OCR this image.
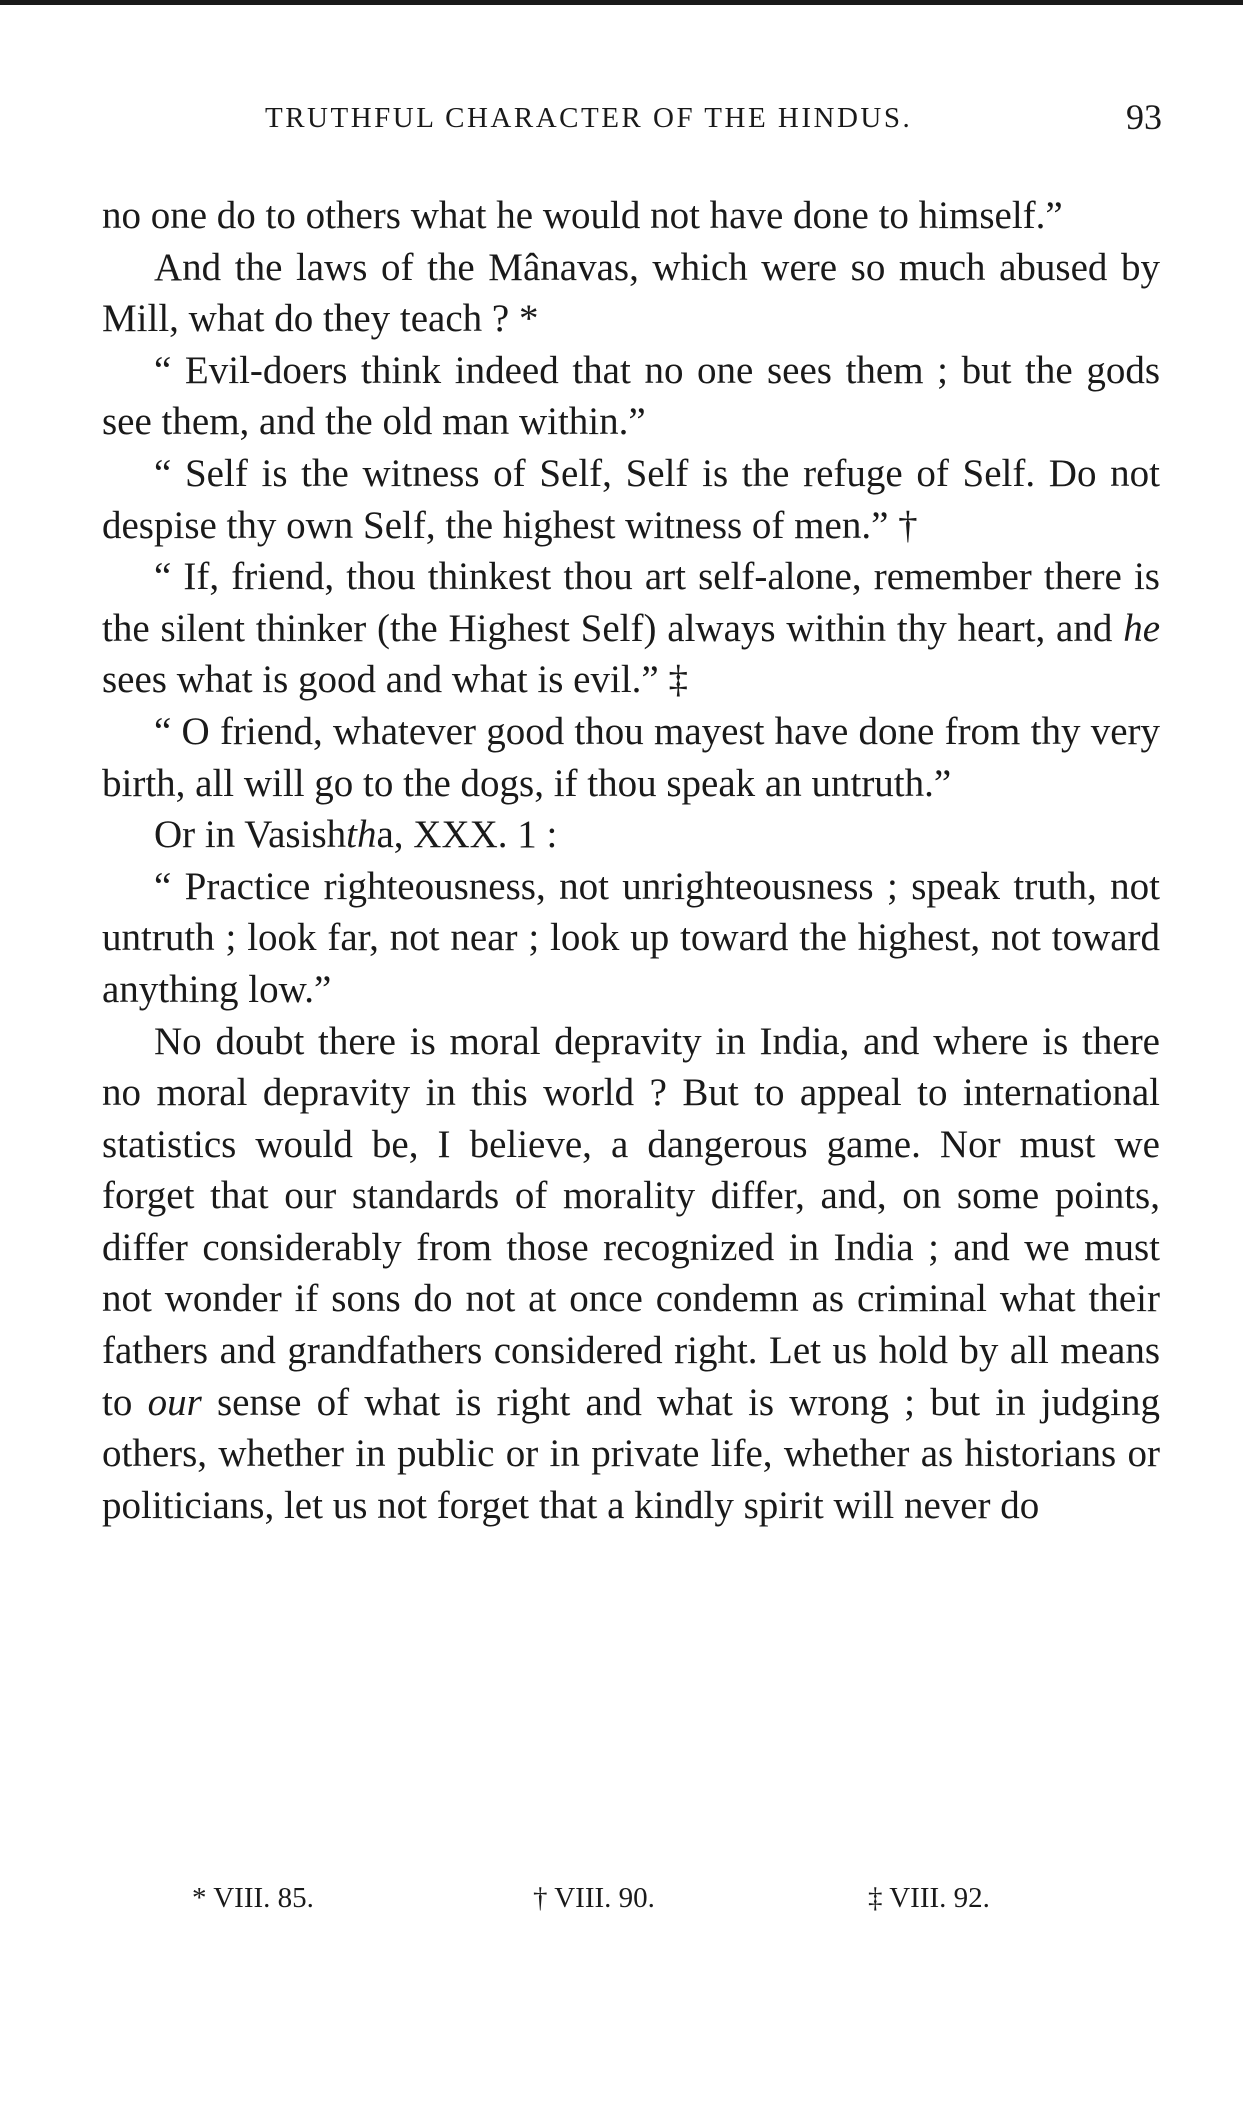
TRUTHFUL CHARACTER OF THE HINDUS.	93

no one do to others what he would not have done to himself.”

And the laws of the Mânavas, which were so much abused by Mill, what do they teach ? *

“ Evil-doers think indeed that no one sees them ; but the gods see them, and the old man within.”

“ Self is the witness of Self, Self is the refuge of Self. Do not despise thy own Self, the highest witness of men.” †

“ If, friend, thou thinkest thou art self-alone, remember there is the silent thinker (the Highest Self) always within thy heart, and he sees what is good and what is evil.” ‡

“ O friend, whatever good thou mayest have done from thy very birth, all will go to the dogs, if thou speak an untruth.”

Or in Vasishtha, XXX. 1 :

“ Practice righteousness, not unrighteousness ; speak truth, not untruth ; look far, not near ; look up toward the highest, not toward anything low.”

No doubt there is moral depravity in India, and where is there no moral depravity in this world ? But to appeal to international statistics would be, I believe, a dangerous game. Nor must we forget that our standards of morality differ, and, on some points, differ considerably from those recognized in India ; and we must not wonder if sons do not at once condemn as criminal what their fathers and grandfathers considered right. Let us hold by all means to our sense of what is right and what is wrong ; but in judging others, whether in public or in private life, whether as historians or politicians, let us not forget that a kindly spirit will never do

* VIII. 85.	† VIII. 90.	‡ VIII. 92.
